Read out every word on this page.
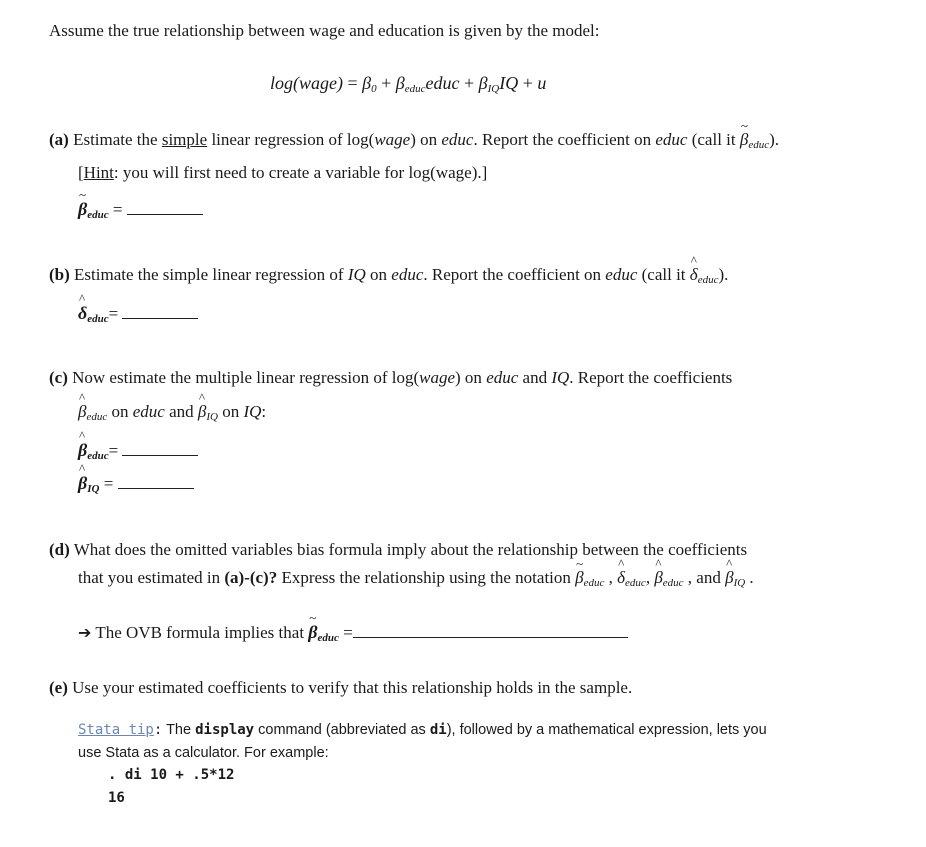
Assume the true relationship between wage and education is given by the model:
log(wage) = β0 + βeduceduc + βIQIQ + u
(a) Estimate the simple linear regression of log(wage) on educ. Report the coefficient on educ (call it
~
βeduc).
[Hint: you will first need to create a variable for log(wage).]
~
βeduc =
(b) Estimate the simple linear regression of IQ on educ. Report the coefficient on educ (call it
^
δeduc).
^
δeduc=
(c) Now estimate the multiple linear regression of log(wage) on educ and IQ. Report the coefficients
^
βeduc on educ and
^
βIQ on IQ:
^
βeduc=
^
βIQ =
(d) What does the omitted variables bias formula imply about the relationship between the coefficients
that you estimated in (a)-(c)? Express the relationship using the notation
~
βeduc ,
^
δeduc,
^
βeduc , and
^
βIQ .
➔ The OVB formula implies that
~
βeduc =
(e) Use your estimated coefficients to verify that this relationship holds in the sample.
Stata tip: The display command (abbreviated as di), followed by a mathematical expression, lets you
use Stata as a calculator. For example:
. di 10 + .5*12
16
